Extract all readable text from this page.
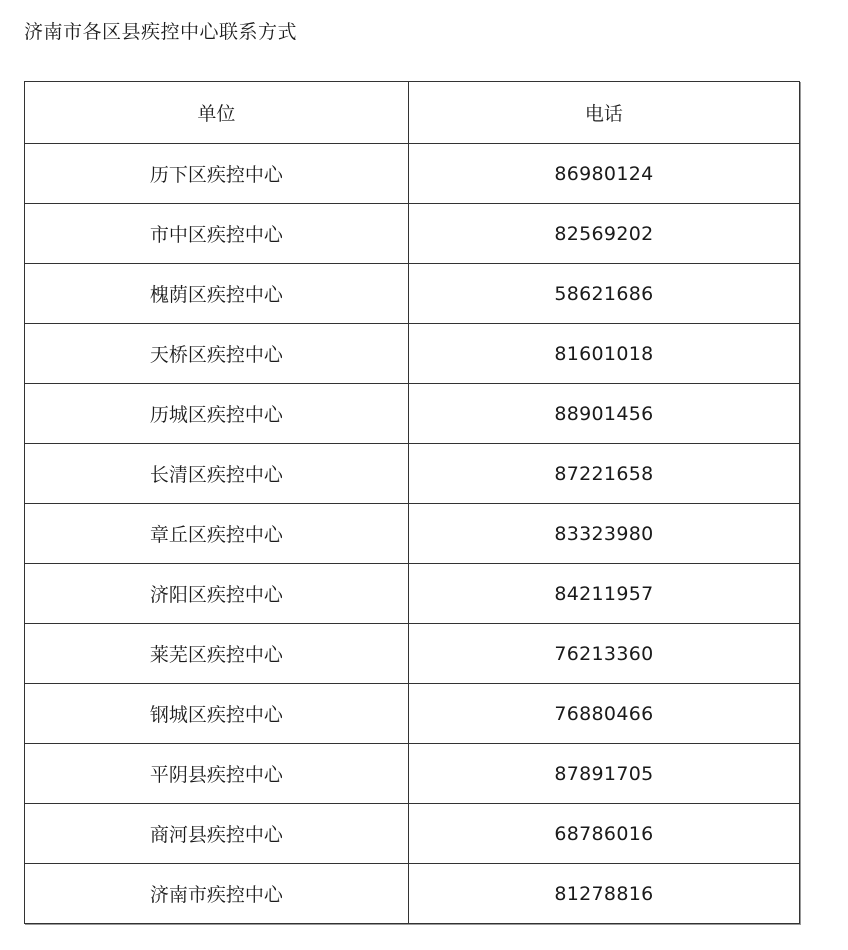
济南市各区县疾控中心联系方式
单位	电话
历下区疾控中心	86980124
市中区疾控中心	82569202
槐荫区疾控中心	58621686
天桥区疾控中心	81601018
历城区疾控中心	88901456
长清区疾控中心	87221658
章丘区疾控中心	83323980
济阳区疾控中心	84211957
莱芜区疾控中心	76213360
钢城区疾控中心	76880466
平阴县疾控中心	87891705
商河县疾控中心	68786016
济南市疾控中心	81278816
